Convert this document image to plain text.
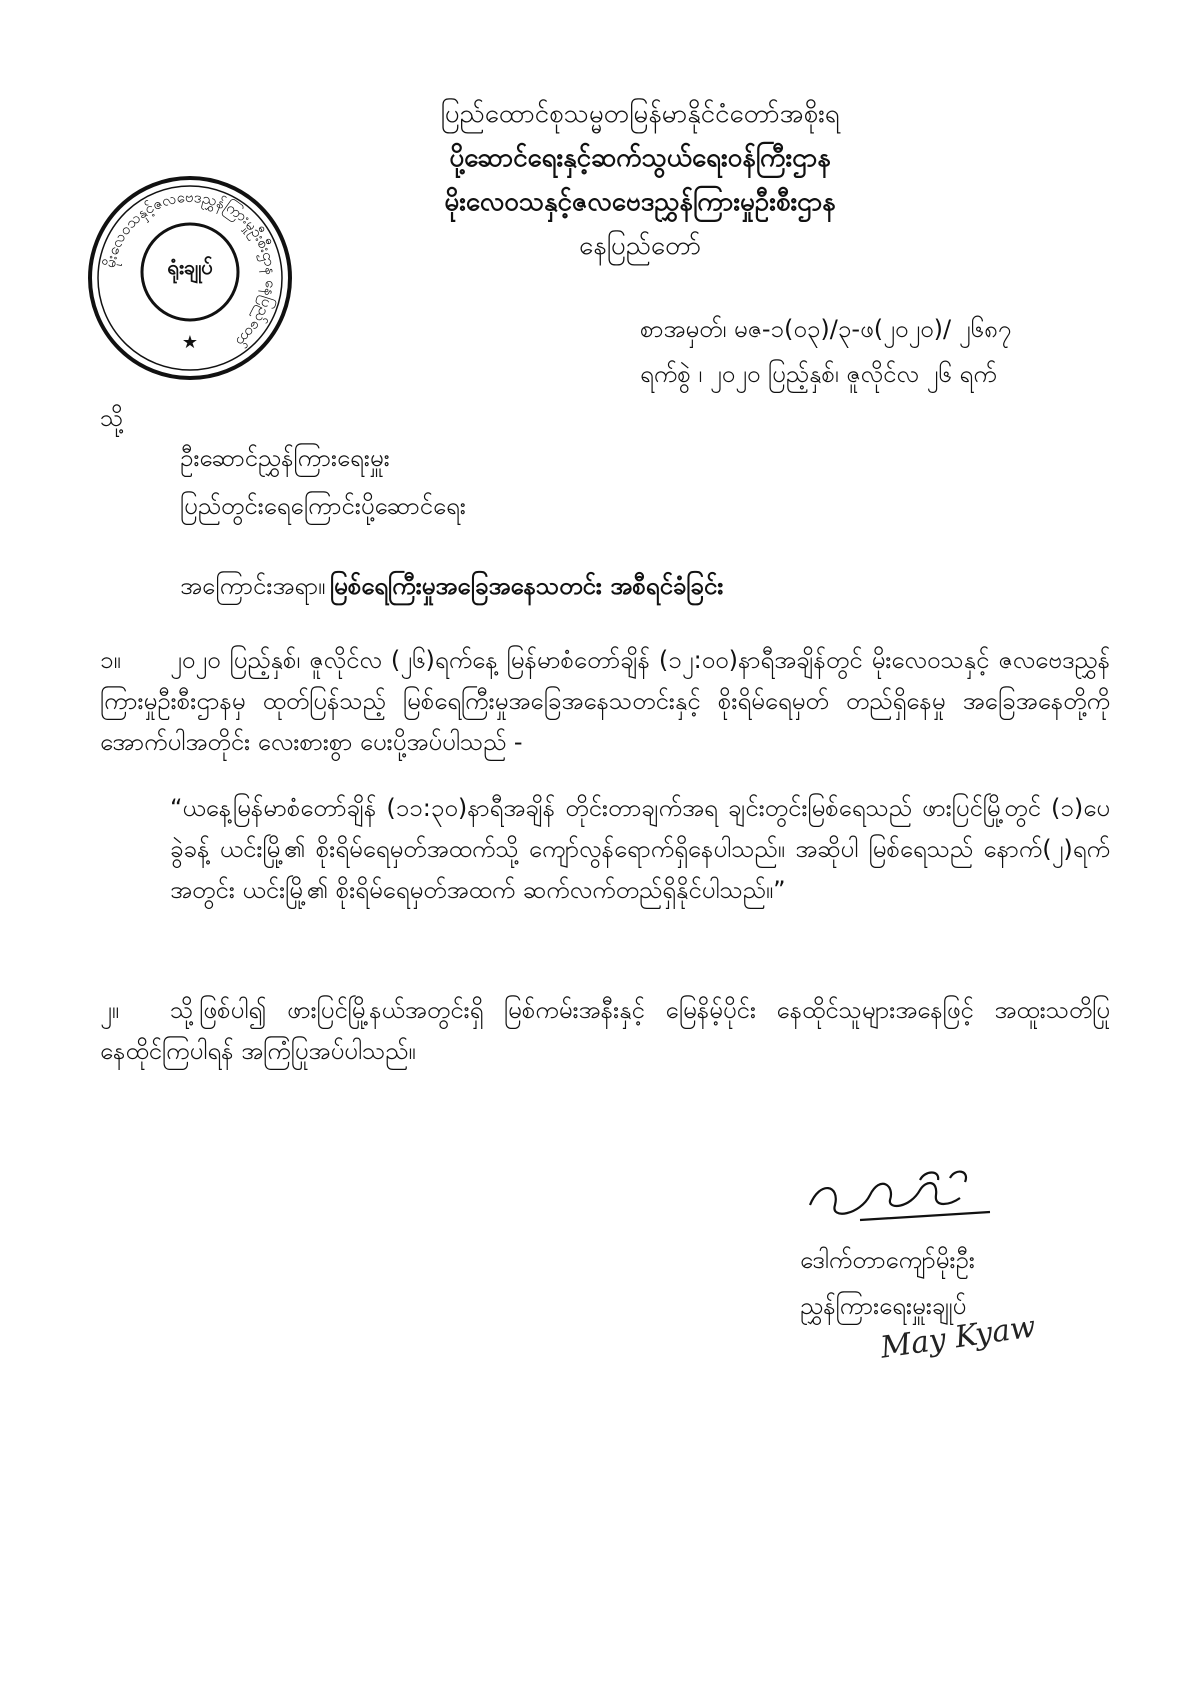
မိုးလေဝသနှင့်ဇလဗေဒညွှန်ကြားမှုဦးစီးဌာန နေပြည်တော်
ရုံးချုပ်
★
ပြည်ထောင်စုသမ္မတမြန်မာနိုင်ငံတော်အစိုးရ
ပို့ဆောင်ရေးနှင့်ဆက်သွယ်ရေးဝန်ကြီးဌာန
မိုးလေဝသနှင့်ဇလဗေဒညွှန်ကြားမှုဦးစီးဌာန
နေပြည်တော်
စာအမှတ်၊ မဇ-၁(၀၃)/၃-ဖ(၂၀၂၀)/ ၂၆၈၇
ရက်စွဲ ၊ ၂၀၂၀ ပြည့်နှစ်၊ ဇူလိုင်လ ၂၆ ရက်
သို့
ဦးဆောင်ညွှန်ကြားရေးမှူး
ပြည်တွင်းရေကြောင်းပို့ဆောင်ရေး
အကြောင်းအရာ။ မြစ်ရေကြီးမှုအခြေအနေသတင်း အစီရင်ခံခြင်း
၁။ ၂၀၂၀ ပြည့်နှစ်၊ ဇူလိုင်လ (၂၆)ရက်နေ့ မြန်မာစံတော်ချိန် (၁၂:၀၀)နာရီအချိန်တွင် မိုးလေဝသနှင့် ဇလဗေဒညွှန်ကြားမှုဦးစီးဌာနမှ ထုတ်ပြန်သည့် မြစ်ရေကြီးမှုအခြေအနေသတင်းနှင့် စိုးရိမ်ရေမှတ် တည်ရှိနေမှု အခြေအနေတို့ကို အောက်ပါအတိုင်း လေးစားစွာ ပေးပို့အပ်ပါသည် -
“ယနေ့မြန်မာစံတော်ချိန် (၁၁:၃၀)နာရီအချိန် တိုင်းတာချက်အရ ချင်းတွင်းမြစ်ရေသည် ဖားပြင်မြို့တွင် (၁)ပေခွဲခန့် ယင်းမြို့၏ စိုးရိမ်ရေမှတ်အထက်သို့ ကျော်လွန်ရောက်ရှိနေပါသည်။ အဆိုပါ မြစ်ရေသည် နောက်(၂)ရက်အတွင်း ယင်းမြို့၏ စိုးရိမ်ရေမှတ်အထက် ဆက်လက်တည်ရှိနိုင်ပါသည်။”
၂။ သို့ဖြစ်ပါ၍ ဖားပြင်မြို့နယ်အတွင်းရှိ မြစ်ကမ်းအနီးနှင့် မြေနိမ့်ပိုင်း နေထိုင်သူများအနေဖြင့် အထူးသတိပြု နေထိုင်ကြပါရန် အကြံပြုအပ်ပါသည်။
ဒေါက်တာကျော်မိုးဦး
ညွှန်ကြားရေးမှူးချုပ်
May Kyaw
